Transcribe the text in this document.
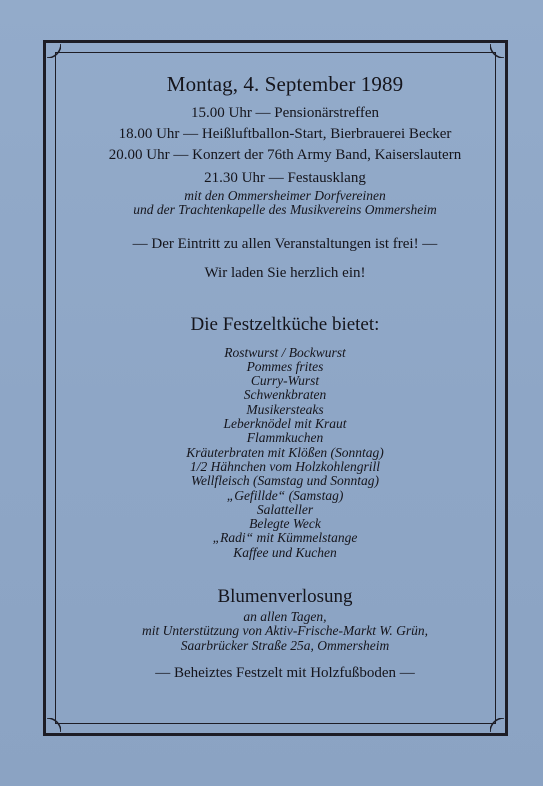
Montag, 4. September 1989
15.00 Uhr — Pensionärstreffen
18.00 Uhr — Heißluftballon-Start, Bierbrauerei Becker
20.00 Uhr — Konzert der 76th Army Band, Kaiserslautern
21.30 Uhr — Festausklang
mit den Ommersheimer Dorfvereinen
und der Trachtenkapelle des Musikvereins Ommersheim
— Der Eintritt zu allen Veranstaltungen ist frei! —
Wir laden Sie herzlich ein!
Die Festzeltküche bietet:
Rostwurst / Bockwurst
Pommes frites
Curry-Wurst
Schwenkbraten
Musikersteaks
Leberknödel mit Kraut
Flammkuchen
Kräuterbraten mit Klößen (Sonntag)
1/2 Hähnchen vom Holzkohlengrill
Wellfleisch (Samstag und Sonntag)
„Gefillde“ (Samstag)
Salatteller
Belegte Weck
„Radi“ mit Kümmelstange
Kaffee und Kuchen
Blumenverlosung
an allen Tagen,
mit Unterstützung von Aktiv-Frische-Markt W. Grün,
Saarbrücker Straße 25a, Ommersheim
— Beheiztes Festzelt mit Holzfußboden —
